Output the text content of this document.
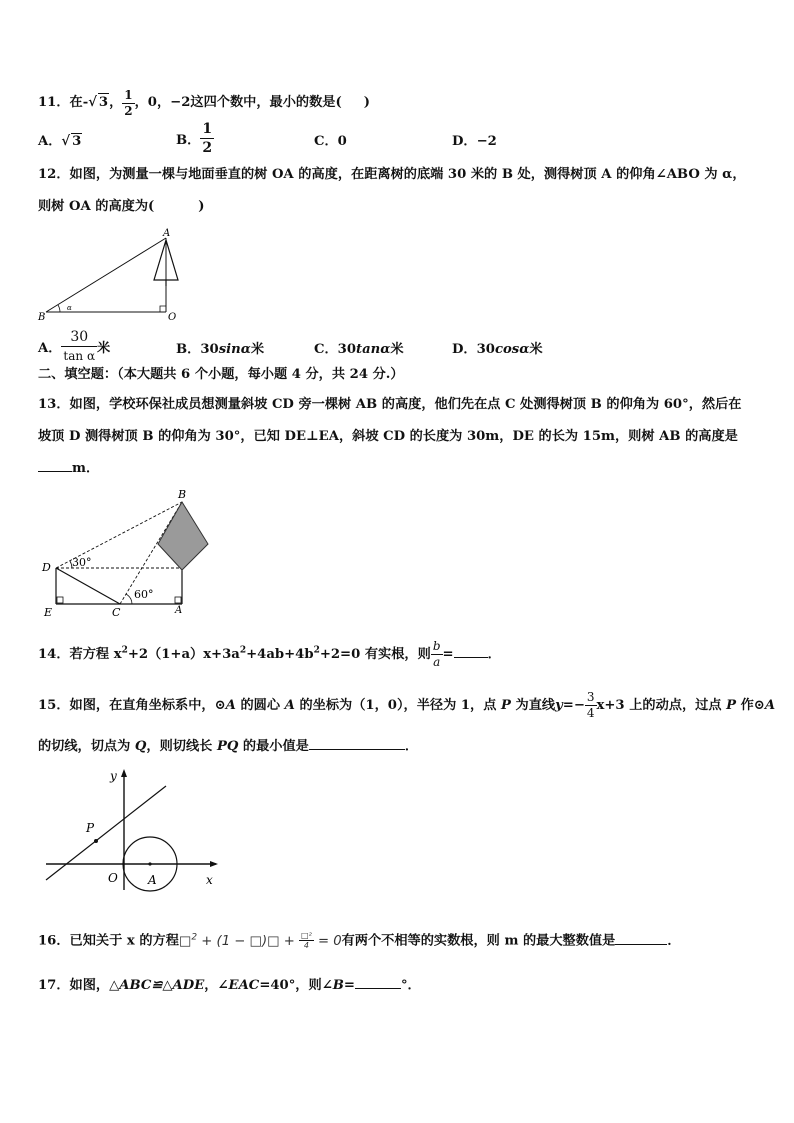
11．在-√ 3， $\frac{1}{2}$ ，0，−2这四个数中，最小的数是( )
A．√ 3	B． $\frac{1}{2}$	C．0	D．−2
12．如图，为测量一棵与地面垂直的树 OA 的高度，在距离树的底端 30 米的 B 处，测得树顶 A 的仰角∠ABO 为 α，
则树 OA 的高度为(	)
α
A
B	O
A． $\frac{30}{\text{tan α}}$ 米	B．30sinα米	C．30tanα米	D．30cosα米
二、填空题：（本大题共 6 个小题，每小题 4 分，共 24 分.）
13．如图，学校环保社成员想测量斜坡 CD 旁一棵树 AB 的高度，他们先在点 C 处测得树顶 B 的仰角为 60°，然后在
坡顶 D 测得树顶 B 的仰角为 30°，已知 DE⊥EA，斜坡 CD 的长度为 30m，DE 的长为 15m，则树 AB 的高度是
m．
30°
60°
B
D
E	C	A
14．若方程 $x^2+2(1+a)x+3a^2+4ab+4b^2+2=0$ 有实根，则 $\frac{b}{a}$ =	．
15．如图，在直角坐标系中，⊙A 的圆心 A 的坐标为（1，0），半径为 1，点 P 为直线$y=- \frac{3}{4} x+3$ 上的动点，过点 P 作⊙A
的切线，切点为 Q，则切线长 PQ 的最小值是	．
y
x
O	A
P
16．已知关于 x 的方程□$^2$ + (1 − □)□ + $\frac{\text{□²}}{4} = 0$有两个不相等的实数根，则 m 的最大整数值是	．
17．如图，△ABC≌△ADE，∠EAC=40°，则∠B=	°．
